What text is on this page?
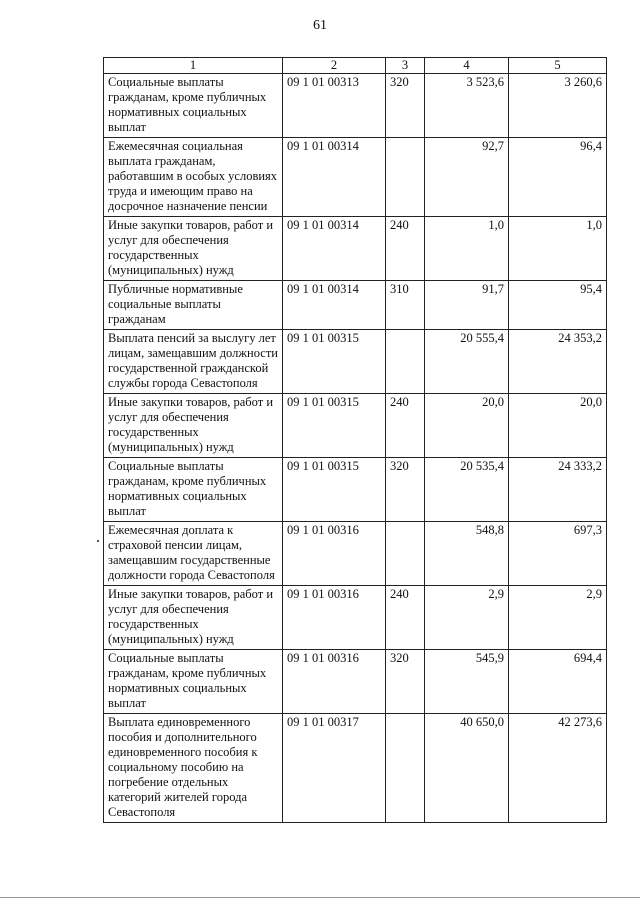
61
1	2	3	4	5
Социальные выплаты гражданам, кроме публичных нормативных социальных выплат	09 1 01 00313	320	3 523,6	3 260,6
Ежемесячная социальная выплата гражданам, работавшим в особых условиях труда и имеющим право на досрочное назначение пенсии	09 1 01 00314		92,7	96,4
Иные закупки товаров, работ и услуг для обеспечения государственных (муниципальных) нужд	09 1 01 00314	240	1,0	1,0
Публичные нормативные социальные выплаты гражданам	09 1 01 00314	310	91,7	95,4
Выплата пенсий за выслугу лет лицам, замещавшим должности государственной гражданской службы города Севастополя	09 1 01 00315		20 555,4	24 353,2
Иные закупки товаров, работ и услуг для обеспечения государственных (муниципальных) нужд	09 1 01 00315	240	20,0	20,0
Социальные выплаты гражданам, кроме публичных нормативных социальных выплат	09 1 01 00315	320	20 535,4	24 333,2
Ежемесячная доплата к страховой пенсии лицам, замещавшим государственные должности города Севастополя	09 1 01 00316		548,8	697,3
Иные закупки товаров, работ и услуг для обеспечения государственных (муниципальных) нужд	09 1 01 00316	240	2,9	2,9
Социальные выплаты гражданам, кроме публичных нормативных социальных выплат	09 1 01 00316	320	545,9	694,4
Выплата единовременного пособия и дополнительного единовременного пособия к социальному пособию на погребение отдельных категорий жителей города Севастополя	09 1 01 00317		40 650,0	42 273,6
